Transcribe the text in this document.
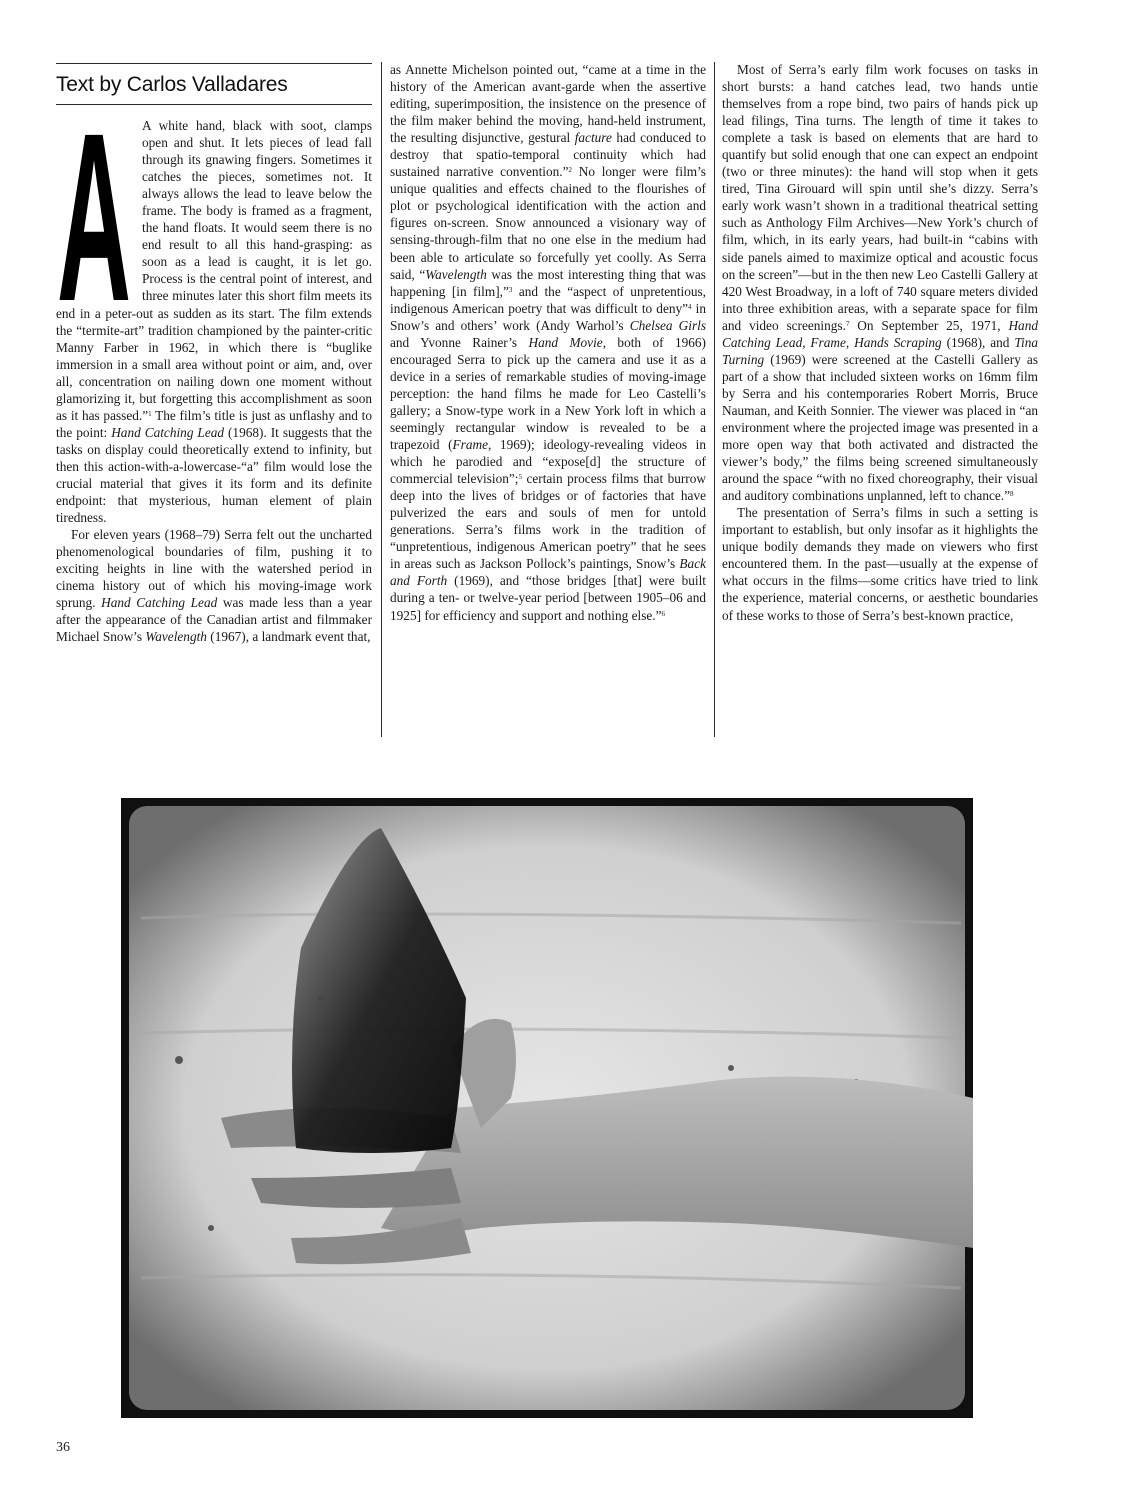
Text by Carlos Valladares
A A white hand, black with soot, clamps open and shut. It lets pieces of lead fall through its gnawing fingers. Sometimes it catches the pieces, sometimes not. It always allows the lead to leave below the frame. The body is framed as a fragment, the hand floats. It would seem there is no end result to all this hand-grasping: as soon as a lead is caught, it is let go. Process is the central point of interest, and three minutes later this short film meets its end in a peter-out as sudden as its start. The film extends the “termite-art” tradition championed by the painter-critic Manny Farber in 1962, in which there is “buglike immersion in a small area without point or aim, and, over all, concentration on nailing down one moment without glamorizing it, but forgetting this accomplishment as soon as it has passed.”$^1$ The film’s title is just as unflashy and to the point: Hand Catching Lead (1968). It suggests that the tasks on display could theoretically extend to infinity, but then this action-with-a-lowercase-“a” film would lose the crucial material that gives it its form and its definite endpoint: that mysterious, human element of plain tiredness.

For eleven years (1968–79) Serra felt out the uncharted phenomenological boundaries of film, pushing it to exciting heights in line with the watershed period in cinema history out of which his moving-image work sprung. Hand Catching Lead was made less than a year after the appearance of the Canadian artist and filmmaker Michael Snow’s Wavelength (1967), a landmark event that,

as Annette Michelson pointed out, “came at a time in the history of the American avant-garde when the assertive editing, superimposition, the insistence on the presence of the film maker behind the moving, hand-held instrument, the resulting disjunctive, gestural facture had conduced to destroy that spatio-temporal continuity which had sustained narrative convention.”$^2$ No longer were film’s unique qualities and effects chained to the flourishes of plot or psychological identification with the action and figures on-screen. Snow announced a visionary way of sensing-through-film that no one else in the medium had been able to articulate so forcefully yet coolly. As Serra said, “Wavelength was the most interesting thing that was happening [in film],”$^3$ and the “aspect of unpretentious, indigenous American poetry that was difficult to deny”$^4$ in Snow’s and others’ work (Andy Warhol’s Chelsea Girls and Yvonne Rainer’s Hand Movie, both of 1966) encouraged Serra to pick up the camera and use it as a device in a series of remarkable studies of moving-image perception: the hand films he made for Leo Castelli’s gallery; a Snow-type work in a New York loft in which a seemingly rectangular window is revealed to be a trapezoid (Frame, 1969); ideology-revealing videos in which he parodied and “expose[d] the structure of commercial television”;$^5$ certain process films that burrow deep into the lives of bridges or of factories that have pulverized the ears and souls of men for untold generations. Serra’s films work in the tradition of “unpretentious, indigenous American poetry” that he sees in areas such as Jackson Pollock’s paintings, Snow’s Back and Forth (1969), and “those bridges [that] were built during a ten- or twelve-year period [between 1905–06 and 1925] for efficiency and support and nothing else.”$^6$

Most of Serra’s early film work focuses on tasks in short bursts: a hand catches lead, two hands untie themselves from a rope bind, two pairs of hands pick up lead filings, Tina turns. The length of time it takes to complete a task is based on elements that are hard to quantify but solid enough that one can expect an endpoint (two or three minutes): the hand will stop when it gets tired, Tina Girouard will spin until she’s dizzy. Serra’s early work wasn’t shown in a traditional theatrical setting such as Anthology Film Archives—New York’s church of film, which, in its early years, had built-in “cabins with side panels aimed to maximize optical and acoustic focus on the screen”—but in the then new Leo Castelli Gallery at 420 West Broadway, in a loft of 740 square meters divided into three exhibition areas, with a separate space for film and video screenings.$^7$ On September 25, 1971, Hand Catching Lead, Frame, Hands Scraping (1968), and Tina Turning (1969) were screened at the Castelli Gallery as part of a show that included sixteen works on 16mm film by Serra and his contemporaries Robert Morris, Bruce Nauman, and Keith Sonnier. The viewer was placed in “an environment where the projected image was presented in a more open way that both activated and distracted the viewer’s body,” the films being screened simultaneously around the space “with no fixed choreography, their visual and auditory combinations unplanned, left to chance.”$^8$

The presentation of Serra’s films in such a setting is important to establish, but only insofar as it highlights the unique bodily demands they made on viewers who first encountered them. In the past—usually at the expense of what occurs in the films—some critics have tried to link the experience, material concerns, or aesthetic boundaries of these works to those of Serra’s best-known practice,

36
